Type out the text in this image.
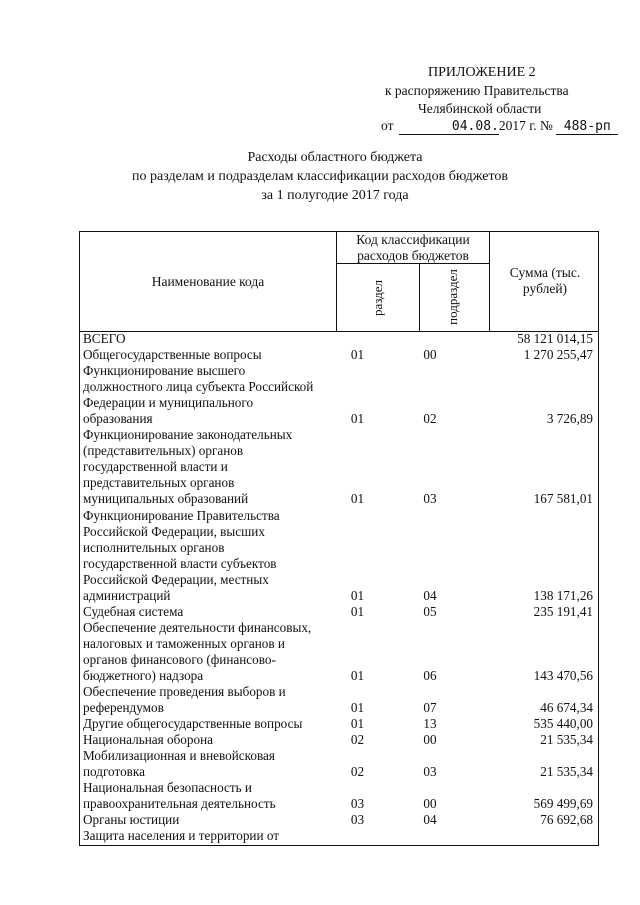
ПРИЛОЖЕНИЕ 2
к распоряжению Правительства
Челябинской области
от	04.08.2017 г. № 488-рп
Расходы областного бюджета
по разделам и подразделам классификации расходов бюджетов
за 1 полугодие 2017 года
Наименование кода
Код классификации расходов бюджетов
раздел	подраздел	Сумма (тыс. рублей)
ВСЕГО	58 121 014,15
Общегосударственные вопросы	01	00	1 270 255,47
Функционирование высшего
должностного лица субъекта Российской
Федерации и муниципального
образования	01	02	3 726,89
Функционирование законодательных
(представительных) органов
государственной власти и
представительных органов
муниципальных образований	01	03	167 581,01
Функционирование Правительства
Российской Федерации, высших
исполнительных органов
государственной власти субъектов
Российской Федерации, местных
администраций	01	04	138 171,26
Судебная система	01	05	235 191,41
Обеспечение деятельности финансовых,
налоговых и таможенных органов и
органов финансового (финансово-
бюджетного) надзора	01	06	143 470,56
Обеспечение проведения выборов и
референдумов	01	07	46 674,34
Другие общегосударственные вопросы	01	13	535 440,00
Национальная оборона	02	00	21 535,34
Мобилизационная и вневойсковая
подготовка	02	03	21 535,34
Национальная безопасность и
правоохранительная деятельность	03	00	569 499,69
Органы юстиции	03	04	76 692,68
Защита населения и территории от
